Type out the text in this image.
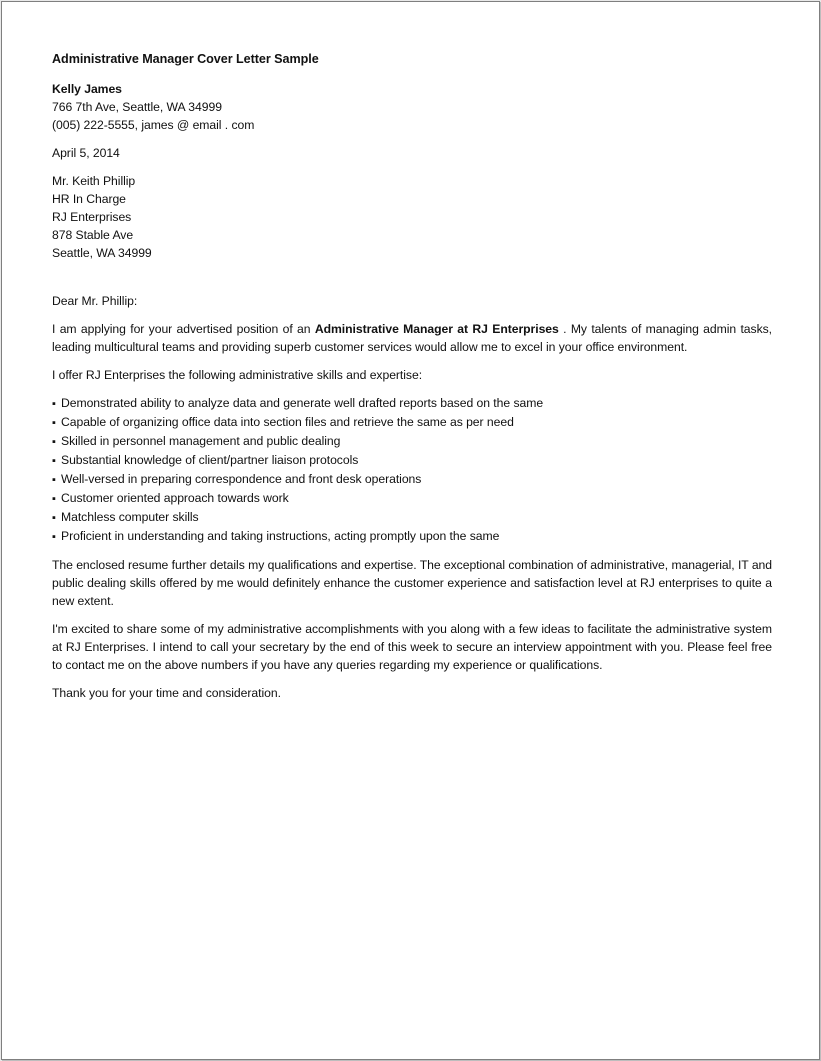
Administrative Manager Cover Letter Sample
Kelly James
766 7th Ave, Seattle, WA 34999
(005) 222-5555, james @ email . com
April 5, 2014
Mr. Keith Phillip
HR In Charge
RJ Enterprises
878 Stable Ave
Seattle, WA 34999
Dear Mr. Phillip:

I am applying for your advertised position of an Administrative Manager at RJ Enterprises . My talents of managing admin tasks, leading multicultural teams and providing superb customer services would allow me to excel in your office environment.

I offer RJ Enterprises the following administrative skills and expertise:

▪ Demonstrated ability to analyze data and generate well drafted reports based on the same
▪ Capable of organizing office data into section files and retrieve the same as per need
▪ Skilled in personnel management and public dealing
▪ Substantial knowledge of client/partner liaison protocols
▪ Well-versed in preparing correspondence and front desk operations
▪ Customer oriented approach towards work
▪ Matchless computer skills
▪ Proficient in understanding and taking instructions, acting promptly upon the same

The enclosed resume further details my qualifications and expertise. The exceptional combination of administrative, managerial, IT and public dealing skills offered by me would definitely enhance the customer experience and satisfaction level at RJ enterprises to quite a new extent.

I'm excited to share some of my administrative accomplishments with you along with a few ideas to facilitate the administrative system at RJ Enterprises. I intend to call your secretary by the end of this week to secure an interview appointment with you. Please feel free to contact me on the above numbers if you have any queries regarding my experience or qualifications.

Thank you for your time and consideration.
